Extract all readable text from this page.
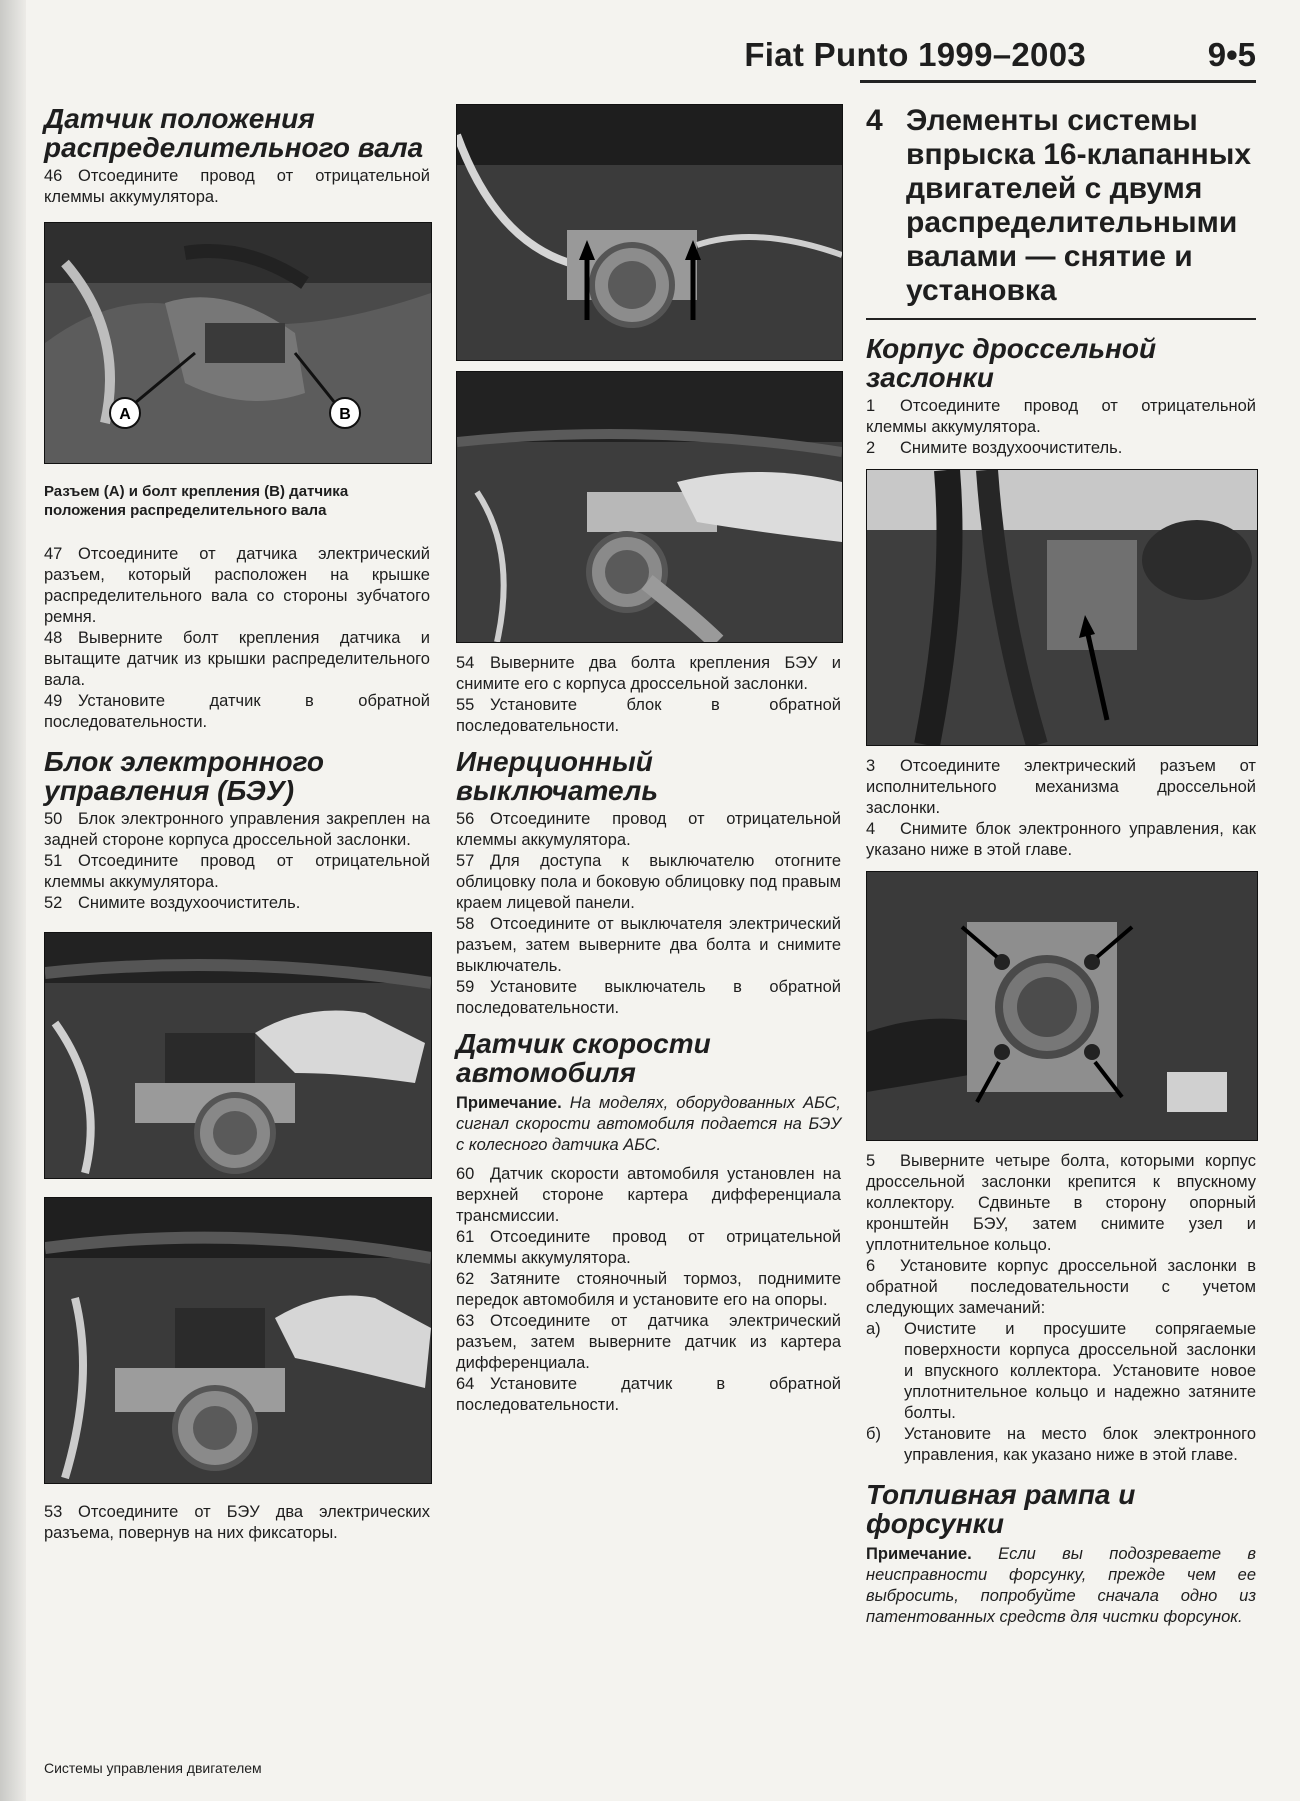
Fiat Punto 1999–2003	9•5
Датчик положения распределительного вала

46 Отсоедините провод от отрицательной клеммы аккумулятора.

A	B

Разъем (A) и болт крепления (B) датчика положения распределительного вала

47 Отсоедините от датчика электрический разъем, который расположен на крышке распределительного вала со стороны зубчатого ремня.

48 Выверните болт крепления датчика и вытащите датчик из крышки распределительного вала.

49 Установите датчик в обратной последовательности.

Блок электронного управления (БЭУ)

50 Блок электронного управления закреплен на задней стороне корпуса дроссельной заслонки.

51 Отсоедините провод от отрицательной клеммы аккумулятора.

52 Снимите воздухоочиститель.

53 Отсоедините от БЭУ два электрических разъема, повернув на них фиксаторы.

54 Выверните два болта крепления БЭУ и снимите его с корпуса дроссельной заслонки.

55 Установите блок в обратной последовательности.

Инерционный выключатель

56 Отсоедините провод от отрицательной клеммы аккумулятора.

57 Для доступа к выключателю отогните облицовку пола и боковую облицовку под правым краем лицевой панели.

58 Отсоедините от выключателя электрический разъем, затем выверните два болта и снимите выключатель.

59 Установите выключатель в обратной последовательности.

Датчик скорости автомобиля

Примечание. На моделях, оборудованных АБС, сигнал скорости автомобиля подается на БЭУ с колесного датчика АБС.

60 Датчик скорости автомобиля установлен на верхней стороне картера дифференциала трансмиссии.

61 Отсоедините провод от отрицательной клеммы аккумулятора.

62 Затяните стояночный тормоз, поднимите передок автомобиля и установите его на опоры.

63 Отсоедините от датчика электрический разъем, затем выверните датчик из картера дифференциала.

64 Установите датчик в обратной последовательности.

4 Элементы системы впрыска 16-клапанных двигателей с двумя распределительными валами — снятие и установка
Корпус дроссельной заслонки

1 Отсоедините провод от отрицательной клеммы аккумулятора.

2 Снимите воздухоочиститель.

3 Отсоедините электрический разъем от исполнительного механизма дроссельной заслонки.

4 Снимите блок электронного управления, как указано ниже в этой главе.

5 Выверните четыре болта, которыми корпус дроссельной заслонки крепится к впускному коллектору. Сдвиньте в сторону опорный кронштейн БЭУ, затем снимите узел и уплотнительное кольцо.

6 Установите корпус дроссельной заслонки в обратной последовательности с учетом следующих замечаний:

а)	Очистите и просушите сопрягаемые поверхности корпуса дроссельной заслонки и впускного коллектора. Установите новое уплотнительное кольцо и надежно затяните болты.
б)	Установите на место блок электронного управления, как указано ниже в этой главе.
Топливная рампа и форсунки

Примечание. Если вы подозреваете в неисправности форсунку, прежде чем ее выбросить, попробуйте сначала одно из патентованных средств для чистки форсунок.

Системы управления двигателем
